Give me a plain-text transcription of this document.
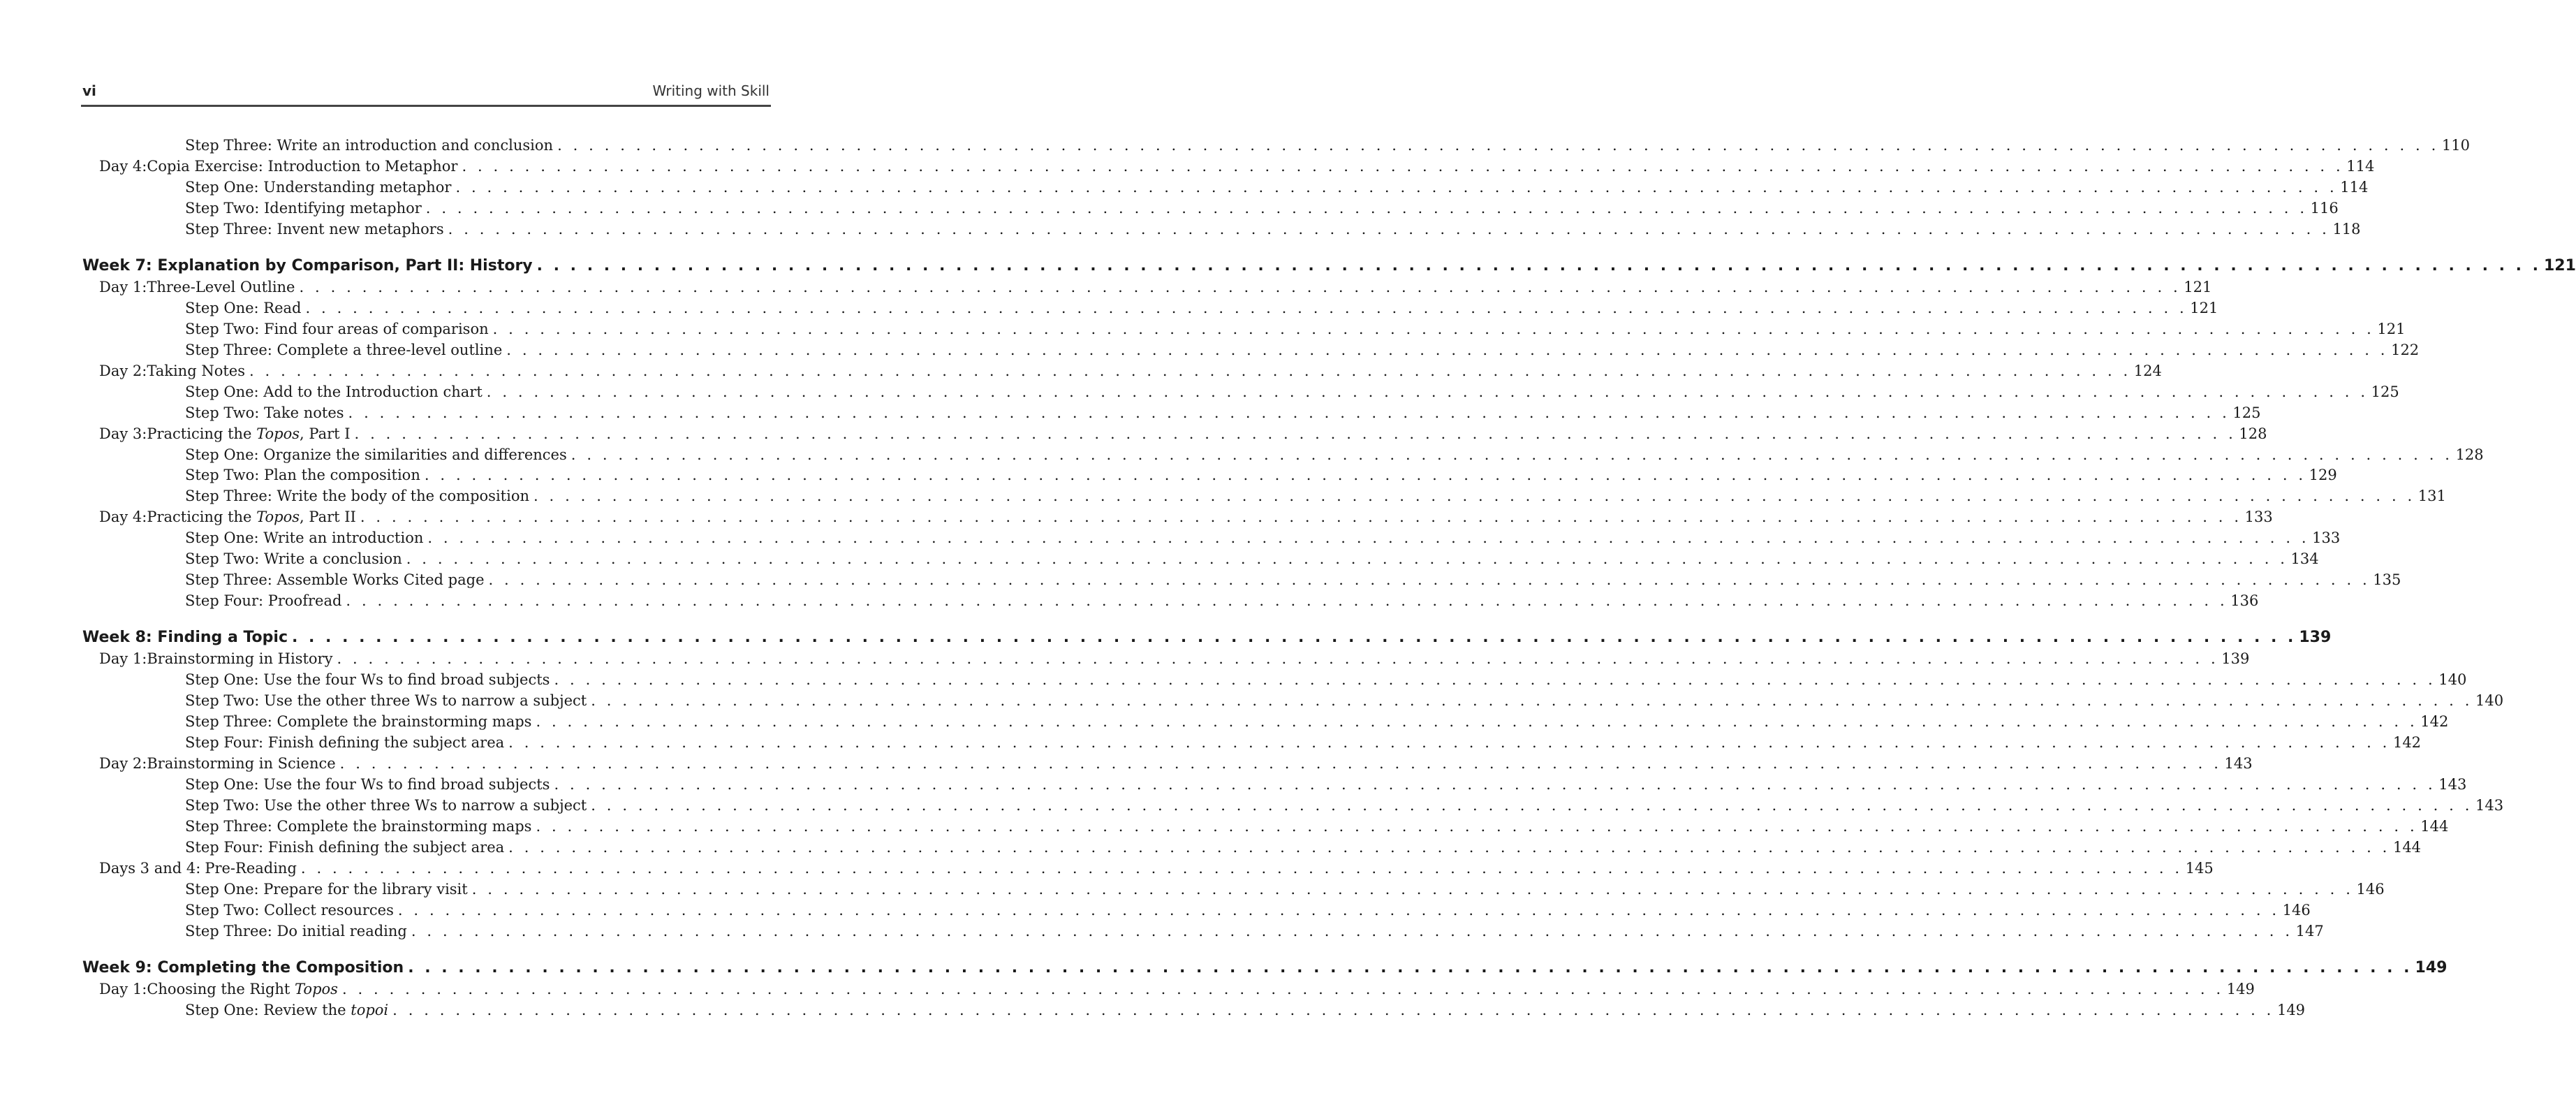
vi	Writing with Skill
Step Three: Write an introduction and conclusion . . . . . . . . . . . . . . . . . . . . . . . . . . . . . . . . . . . . . . . . . . . . . . . . . . . . . . . . . . . . . . . . . . . . . . . . . . . . . . . . . . . . . . . . . . . . . . . . . . . . . . . . . . . . . . . . . . . . . . . . 110
Day 4: Copia Exercise: Introduction to Metaphor . . . . . . . . . . . . . . . . . . . . . . . . . . . . . . . . . . . . . . . . . . . . . . . . . . . . . . . . . . . . . . . . . . . . . . . . . . . . . . . . . . . . . . . . . . . . . . . . . . . . . . . . . . . . . . . . . . . . . . . . 114
Step One: Understanding metaphor . . . . . . . . . . . . . . . . . . . . . . . . . . . . . . . . . . . . . . . . . . . . . . . . . . . . . . . . . . . . . . . . . . . . . . . . . . . . . . . . . . . . . . . . . . . . . . . . . . . . . . . . . . . . . . . . . . . . . . . . 114
Step Two: Identifying metaphor . . . . . . . . . . . . . . . . . . . . . . . . . . . . . . . . . . . . . . . . . . . . . . . . . . . . . . . . . . . . . . . . . . . . . . . . . . . . . . . . . . . . . . . . . . . . . . . . . . . . . . . . . . . . . . . . . . . . . . . . 116
Step Three: Invent new metaphors . . . . . . . . . . . . . . . . . . . . . . . . . . . . . . . . . . . . . . . . . . . . . . . . . . . . . . . . . . . . . . . . . . . . . . . . . . . . . . . . . . . . . . . . . . . . . . . . . . . . . . . . . . . . . . . . . . . . . . . . 118
Week 7: Explanation by Comparison, Part II: History . . . . . . . . . . . . . . . . . . . . . . . . . . . . . . . . . . . . . . . . . . . . . . . . . . . . . . . . . . . . . . . . . . . . . . . . . . . . . . . . . . . . . . . . . . . . . . . . . . . . . . . . . . . . . . . . . . . . . . . . 121
Day 1: Three-Level Outline . . . . . . . . . . . . . . . . . . . . . . . . . . . . . . . . . . . . . . . . . . . . . . . . . . . . . . . . . . . . . . . . . . . . . . . . . . . . . . . . . . . . . . . . . . . . . . . . . . . . . . . . . . . . . . . . . . . . . . . . 121
Step One: Read . . . . . . . . . . . . . . . . . . . . . . . . . . . . . . . . . . . . . . . . . . . . . . . . . . . . . . . . . . . . . . . . . . . . . . . . . . . . . . . . . . . . . . . . . . . . . . . . . . . . . . . . . . . . . . . . . . . . . . . . 121
Step Two: Find four areas of comparison . . . . . . . . . . . . . . . . . . . . . . . . . . . . . . . . . . . . . . . . . . . . . . . . . . . . . . . . . . . . . . . . . . . . . . . . . . . . . . . . . . . . . . . . . . . . . . . . . . . . . . . . . . . . . . . . . . . . . . . . 121
Step Three: Complete a three-level outline . . . . . . . . . . . . . . . . . . . . . . . . . . . . . . . . . . . . . . . . . . . . . . . . . . . . . . . . . . . . . . . . . . . . . . . . . . . . . . . . . . . . . . . . . . . . . . . . . . . . . . . . . . . . . . . . . . . . . . . . 122
Day 2: Taking Notes . . . . . . . . . . . . . . . . . . . . . . . . . . . . . . . . . . . . . . . . . . . . . . . . . . . . . . . . . . . . . . . . . . . . . . . . . . . . . . . . . . . . . . . . . . . . . . . . . . . . . . . . . . . . . . . . . . . . . . . . 124
Step One: Add to the Introduction chart . . . . . . . . . . . . . . . . . . . . . . . . . . . . . . . . . . . . . . . . . . . . . . . . . . . . . . . . . . . . . . . . . . . . . . . . . . . . . . . . . . . . . . . . . . . . . . . . . . . . . . . . . . . . . . . . . . . . . . . . 125
Step Two: Take notes . . . . . . . . . . . . . . . . . . . . . . . . . . . . . . . . . . . . . . . . . . . . . . . . . . . . . . . . . . . . . . . . . . . . . . . . . . . . . . . . . . . . . . . . . . . . . . . . . . . . . . . . . . . . . . . . . . . . . . . . 125
Day 3: Practicing the Topos, Part I . . . . . . . . . . . . . . . . . . . . . . . . . . . . . . . . . . . . . . . . . . . . . . . . . . . . . . . . . . . . . . . . . . . . . . . . . . . . . . . . . . . . . . . . . . . . . . . . . . . . . . . . . . . . . . . . . . . . . . . . 128
Step One: Organize the similarities and differences . . . . . . . . . . . . . . . . . . . . . . . . . . . . . . . . . . . . . . . . . . . . . . . . . . . . . . . . . . . . . . . . . . . . . . . . . . . . . . . . . . . . . . . . . . . . . . . . . . . . . . . . . . . . . . . . . . . . . . . . 128
Step Two: Plan the composition . . . . . . . . . . . . . . . . . . . . . . . . . . . . . . . . . . . . . . . . . . . . . . . . . . . . . . . . . . . . . . . . . . . . . . . . . . . . . . . . . . . . . . . . . . . . . . . . . . . . . . . . . . . . . . . . . . . . . . . . 129
Step Three: Write the body of the composition . . . . . . . . . . . . . . . . . . . . . . . . . . . . . . . . . . . . . . . . . . . . . . . . . . . . . . . . . . . . . . . . . . . . . . . . . . . . . . . . . . . . . . . . . . . . . . . . . . . . . . . . . . . . . . . . . . . . . . . . 131
Day 4: Practicing the Topos, Part II . . . . . . . . . . . . . . . . . . . . . . . . . . . . . . . . . . . . . . . . . . . . . . . . . . . . . . . . . . . . . . . . . . . . . . . . . . . . . . . . . . . . . . . . . . . . . . . . . . . . . . . . . . . . . . . . . . . . . . . . 133
Step One: Write an introduction . . . . . . . . . . . . . . . . . . . . . . . . . . . . . . . . . . . . . . . . . . . . . . . . . . . . . . . . . . . . . . . . . . . . . . . . . . . . . . . . . . . . . . . . . . . . . . . . . . . . . . . . . . . . . . . . . . . . . . . . 133
Step Two: Write a conclusion . . . . . . . . . . . . . . . . . . . . . . . . . . . . . . . . . . . . . . . . . . . . . . . . . . . . . . . . . . . . . . . . . . . . . . . . . . . . . . . . . . . . . . . . . . . . . . . . . . . . . . . . . . . . . . . . . . . . . . . . 134
Step Three: Assemble Works Cited page . . . . . . . . . . . . . . . . . . . . . . . . . . . . . . . . . . . . . . . . . . . . . . . . . . . . . . . . . . . . . . . . . . . . . . . . . . . . . . . . . . . . . . . . . . . . . . . . . . . . . . . . . . . . . . . . . . . . . . . . 135
Step Four: Proofread . . . . . . . . . . . . . . . . . . . . . . . . . . . . . . . . . . . . . . . . . . . . . . . . . . . . . . . . . . . . . . . . . . . . . . . . . . . . . . . . . . . . . . . . . . . . . . . . . . . . . . . . . . . . . . . . . . . . . . . . 136
Week 8: Finding a Topic . . . . . . . . . . . . . . . . . . . . . . . . . . . . . . . . . . . . . . . . . . . . . . . . . . . . . . . . . . . . . . . . . . . . . . . . . . . . . . . . . . . . . . . . . . . . . . . . . . . . . . . . . . . . . . . . . . . . . . . . 139
Day 1: Brainstorming in History . . . . . . . . . . . . . . . . . . . . . . . . . . . . . . . . . . . . . . . . . . . . . . . . . . . . . . . . . . . . . . . . . . . . . . . . . . . . . . . . . . . . . . . . . . . . . . . . . . . . . . . . . . . . . . . . . . . . . . . . 139
Step One: Use the four Ws to find broad subjects . . . . . . . . . . . . . . . . . . . . . . . . . . . . . . . . . . . . . . . . . . . . . . . . . . . . . . . . . . . . . . . . . . . . . . . . . . . . . . . . . . . . . . . . . . . . . . . . . . . . . . . . . . . . . . . . . . . . . . . . 140
Step Two: Use the other three Ws to narrow a subject . . . . . . . . . . . . . . . . . . . . . . . . . . . . . . . . . . . . . . . . . . . . . . . . . . . . . . . . . . . . . . . . . . . . . . . . . . . . . . . . . . . . . . . . . . . . . . . . . . . . . . . . . . . . . . . . . . . . . . . . 140
Step Three: Complete the brainstorming maps . . . . . . . . . . . . . . . . . . . . . . . . . . . . . . . . . . . . . . . . . . . . . . . . . . . . . . . . . . . . . . . . . . . . . . . . . . . . . . . . . . . . . . . . . . . . . . . . . . . . . . . . . . . . . . . . . . . . . . . . 142
Step Four: Finish defining the subject area . . . . . . . . . . . . . . . . . . . . . . . . . . . . . . . . . . . . . . . . . . . . . . . . . . . . . . . . . . . . . . . . . . . . . . . . . . . . . . . . . . . . . . . . . . . . . . . . . . . . . . . . . . . . . . . . . . . . . . . . 142
Day 2: Brainstorming in Science . . . . . . . . . . . . . . . . . . . . . . . . . . . . . . . . . . . . . . . . . . . . . . . . . . . . . . . . . . . . . . . . . . . . . . . . . . . . . . . . . . . . . . . . . . . . . . . . . . . . . . . . . . . . . . . . . . . . . . . . 143
Step One: Use the four Ws to find broad subjects . . . . . . . . . . . . . . . . . . . . . . . . . . . . . . . . . . . . . . . . . . . . . . . . . . . . . . . . . . . . . . . . . . . . . . . . . . . . . . . . . . . . . . . . . . . . . . . . . . . . . . . . . . . . . . . . . . . . . . . . 143
Step Two: Use the other three Ws to narrow a subject . . . . . . . . . . . . . . . . . . . . . . . . . . . . . . . . . . . . . . . . . . . . . . . . . . . . . . . . . . . . . . . . . . . . . . . . . . . . . . . . . . . . . . . . . . . . . . . . . . . . . . . . . . . . . . . . . . . . . . . . 143
Step Three: Complete the brainstorming maps . . . . . . . . . . . . . . . . . . . . . . . . . . . . . . . . . . . . . . . . . . . . . . . . . . . . . . . . . . . . . . . . . . . . . . . . . . . . . . . . . . . . . . . . . . . . . . . . . . . . . . . . . . . . . . . . . . . . . . . . 144
Step Four: Finish defining the subject area . . . . . . . . . . . . . . . . . . . . . . . . . . . . . . . . . . . . . . . . . . . . . . . . . . . . . . . . . . . . . . . . . . . . . . . . . . . . . . . . . . . . . . . . . . . . . . . . . . . . . . . . . . . . . . . . . . . . . . . . 144
Days 3 and 4: Pre-Reading . . . . . . . . . . . . . . . . . . . . . . . . . . . . . . . . . . . . . . . . . . . . . . . . . . . . . . . . . . . . . . . . . . . . . . . . . . . . . . . . . . . . . . . . . . . . . . . . . . . . . . . . . . . . . . . . . . . . . . . . 145
Step One: Prepare for the library visit . . . . . . . . . . . . . . . . . . . . . . . . . . . . . . . . . . . . . . . . . . . . . . . . . . . . . . . . . . . . . . . . . . . . . . . . . . . . . . . . . . . . . . . . . . . . . . . . . . . . . . . . . . . . . . . . . . . . . . . . 146
Step Two: Collect resources . . . . . . . . . . . . . . . . . . . . . . . . . . . . . . . . . . . . . . . . . . . . . . . . . . . . . . . . . . . . . . . . . . . . . . . . . . . . . . . . . . . . . . . . . . . . . . . . . . . . . . . . . . . . . . . . . . . . . . . . 146
Step Three: Do initial reading . . . . . . . . . . . . . . . . . . . . . . . . . . . . . . . . . . . . . . . . . . . . . . . . . . . . . . . . . . . . . . . . . . . . . . . . . . . . . . . . . . . . . . . . . . . . . . . . . . . . . . . . . . . . . . . . . . . . . . . . 147
Week 9: Completing the Composition . . . . . . . . . . . . . . . . . . . . . . . . . . . . . . . . . . . . . . . . . . . . . . . . . . . . . . . . . . . . . . . . . . . . . . . . . . . . . . . . . . . . . . . . . . . . . . . . . . . . . . . . . . . . . . . . . . . . . . . . 149
Day 1: Choosing the Right Topos . . . . . . . . . . . . . . . . . . . . . . . . . . . . . . . . . . . . . . . . . . . . . . . . . . . . . . . . . . . . . . . . . . . . . . . . . . . . . . . . . . . . . . . . . . . . . . . . . . . . . . . . . . . . . . . . . . . . . . . . 149
Step One: Review the topoi . . . . . . . . . . . . . . . . . . . . . . . . . . . . . . . . . . . . . . . . . . . . . . . . . . . . . . . . . . . . . . . . . . . . . . . . . . . . . . . . . . . . . . . . . . . . . . . . . . . . . . . . . . . . . . . . . . . . . . . . 149
